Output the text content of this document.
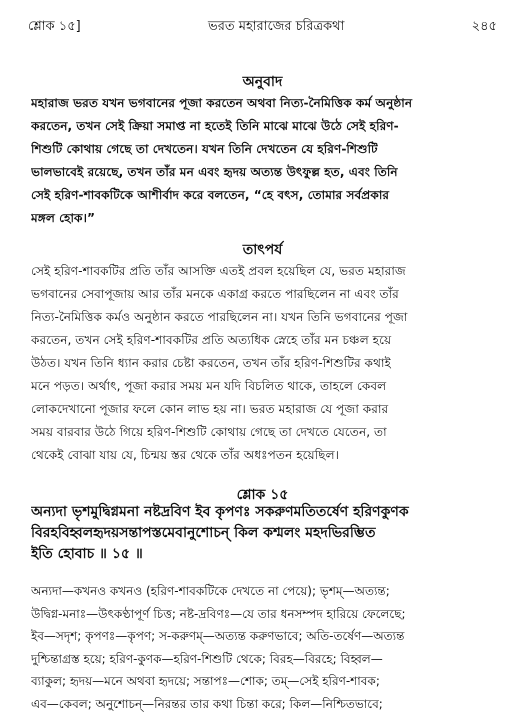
শ্লোক ১৫]	ভরত মহারাজের চরিত্রকথা	২৪৫
অনুবাদ
মহারাজ ভরত যখন ভগবানের পূজা করতেন অথবা নিত্য-নৈমিত্তিক কর্ম অনুষ্ঠান
করতেন, তখন সেই ক্রিয়া সমাপ্ত না হতেই তিনি মাঝে মাঝে উঠে সেই হরিণ-
শিশুটি কোথায় গেছে তা দেখতেন। যখন তিনি দেখতেন যে হরিণ-শিশুটি
ভালভাবেই রয়েছে, তখন তাঁর মন এবং হৃদয় অত্যন্ত উৎফুল্ল হত, এবং তিনি
সেই হরিণ-শাবকটিকে আশীর্বাদ করে বলতেন, “হে বৎস, তোমার সর্বপ্রকার
মঙ্গল হোক।”
তাৎপর্য
সেই হরিণ-শাবকটির প্রতি তাঁর আসক্তি এতই প্রবল হয়েছিল যে, ভরত মহারাজ
ভগবানের সেবাপূজায় আর তাঁর মনকে একাগ্র করতে পারছিলেন না এবং তাঁর
নিত্য-নৈমিত্তিক কর্মও অনুষ্ঠান করতে পারছিলেন না। যখন তিনি ভগবানের পূজা
করতেন, তখন সেই হরিণ-শাবকটির প্রতি অত্যধিক স্নেহে তাঁর মন চঞ্চল হয়ে
উঠত। যখন তিনি ধ্যান করার চেষ্টা করতেন, তখন তাঁর হরিণ-শিশুটির কথাই
মনে পড়ত। অর্থাৎ, পূজা করার সময় মন যদি বিচলিত থাকে, তাহলে কেবল
লোকদেখানো পূজার ফলে কোন লাভ হয় না। ভরত মহারাজ যে পূজা করার
সময় বারবার উঠে গিয়ে হরিণ-শিশুটি কোথায় গেছে তা দেখতে যেতেন, তা
থেকেই বোঝা যায় যে, চিন্ময় স্তর থেকে তাঁর অধঃপতন হয়েছিল।
শ্লোক ১৫
অন্যদা ভৃশমুদ্বিগ্নমনা নষ্টদ্রবিণ ইব কৃপণঃ সকরুণমতিতর্ষেণ হরিণকুণক
বিরহবিহ্বলহৃদয়সন্তাপস্তমেবানুশোচন্ কিল কশ্মলং মহদভিরম্ভিত
ইতি হোবাচ ॥ ১৫ ॥
অন্যদা—কখনও কখনও (হরিণ-শাবকটিকে দেখতে না পেয়ে); ভৃশম্—অত্যন্ত;
উদ্বিগ্ন-মনাঃ—উৎকণ্ঠাপূর্ণ চিত্ত; নষ্ট-দ্রবিণঃ—যে তার ধনসম্পদ হারিয়ে ফেলেছে;
ইব—সদৃশ; কৃপণঃ—কৃপণ; স-করুণম্—অত্যন্ত করুণভাবে; অতি-তর্ষেণ—অত্যন্ত
দুশ্চিন্তাগ্রস্ত হয়ে; হরিণ-কুণক—হরিণ-শিশুটি থেকে; বিরহ—বিরহে; বিহ্বল—
ব্যাকুল; হৃদয়—মনে অথবা হৃদয়ে; সন্তাপঃ—শোক; তম্—সেই হরিণ-শাবক;
এব—কেবল; অনুশোচন্—নিরন্তর তার কথা চিন্তা করে; কিল—নিশ্চিতভাবে;
